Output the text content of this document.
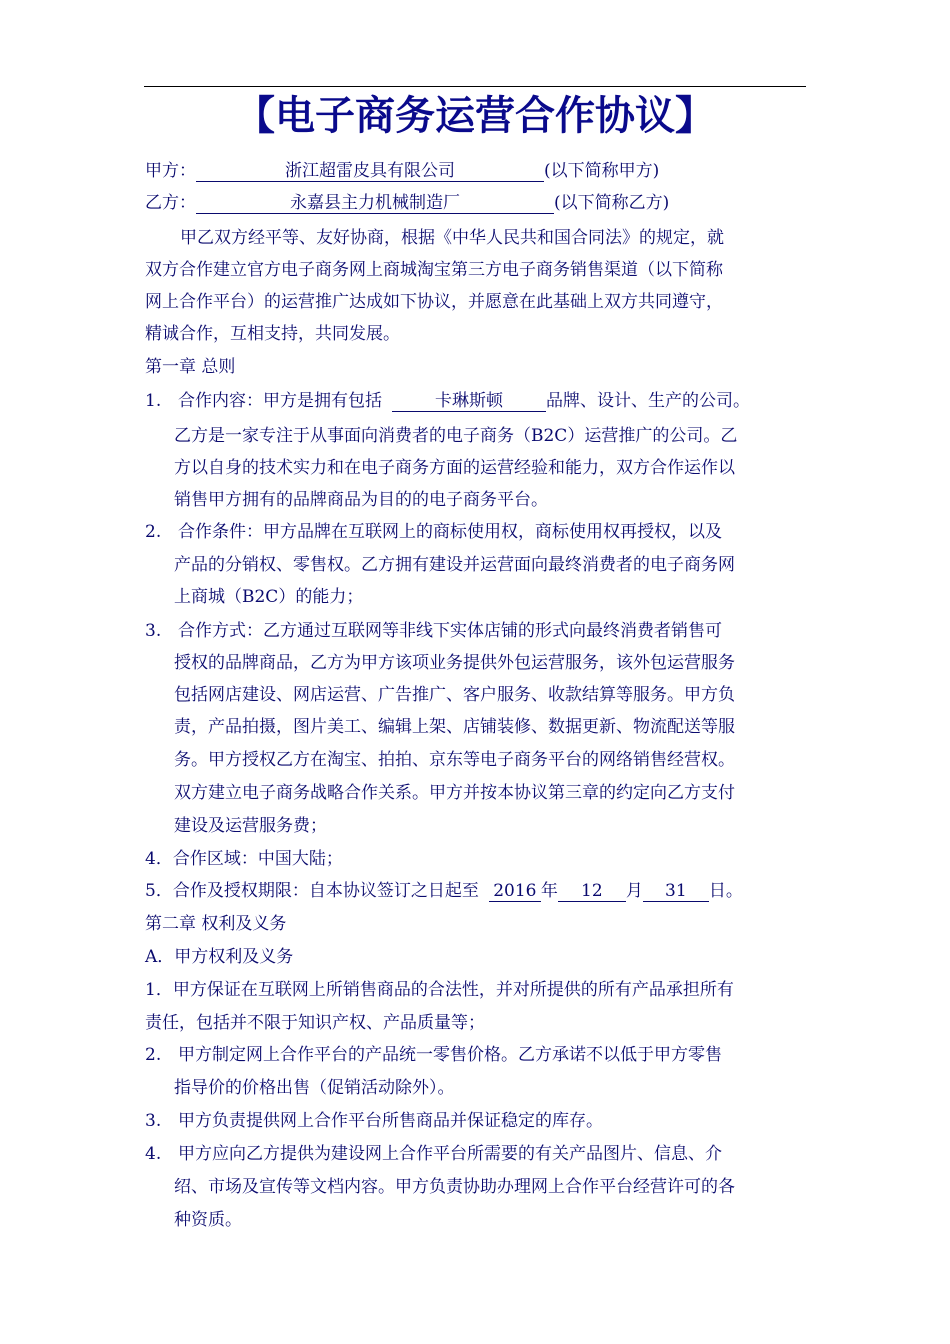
【电子商务运营合作协议】
甲方：	浙江超雷皮具有限公司	(以下简称甲方)
乙方：	永嘉县主力机械制造厂	(以下简称乙方)
甲乙双方经平等、友好协商，根据《中华人民共和国合同法》的规定，就
双方合作建立官方电子商务网上商城淘宝第三方电子商务销售渠道（以下简称
网上合作平台）的运营推广达成如下协议，并愿意在此基础上双方共同遵守，
精诚合作，互相支持，共同发展。
第一章 总则
1. 合作内容：甲方是拥有包括	卡琳斯顿	品牌、设计、生产的公司。
乙方是一家专注于从事面向消费者的电子商务（B2C）运营推广的公司。乙
方以自身的技术实力和在电子商务方面的运营经验和能力，双方合作运作以
销售甲方拥有的品牌商品为目的的电子商务平台。
2. 合作条件：甲方品牌在互联网上的商标使用权，商标使用权再授权，以及
产品的分销权、零售权。乙方拥有建设并运营面向最终消费者的电子商务网
上商城（B2C）的能力；
3. 合作方式：乙方通过互联网等非线下实体店铺的形式向最终消费者销售可
授权的品牌商品，乙方为甲方该项业务提供外包运营服务，该外包运营服务
包括网店建设、网店运营、广告推广、客户服务、收款结算等服务。甲方负
责，产品拍摄，图片美工、编辑上架、店铺装修、数据更新、物流配送等服
务。甲方授权乙方在淘宝、拍拍、京东等电子商务平台的网络销售经营权。
双方建立电子商务战略合作关系。甲方并按本协议第三章的约定向乙方支付
建设及运营服务费；
4．合作区域：中国大陆；
5．合作及授权期限：自本协议签订之日起至 2016 年 12 月 31 日。
第二章 权利及义务
A．甲方权利及义务
1．甲方保证在互联网上所销售商品的合法性，并对所提供的所有产品承担所有
责任，包括并不限于知识产权、产品质量等；
2. 甲方制定网上合作平台的产品统一零售价格。乙方承诺不以低于甲方零售
指导价的价格出售（促销活动除外）。
3. 甲方负责提供网上合作平台所售商品并保证稳定的库存。
4. 甲方应向乙方提供为建设网上合作平台所需要的有关产品图片、信息、介
绍、市场及宣传等文档内容。甲方负责协助办理网上合作平台经营许可的各
种资质。
